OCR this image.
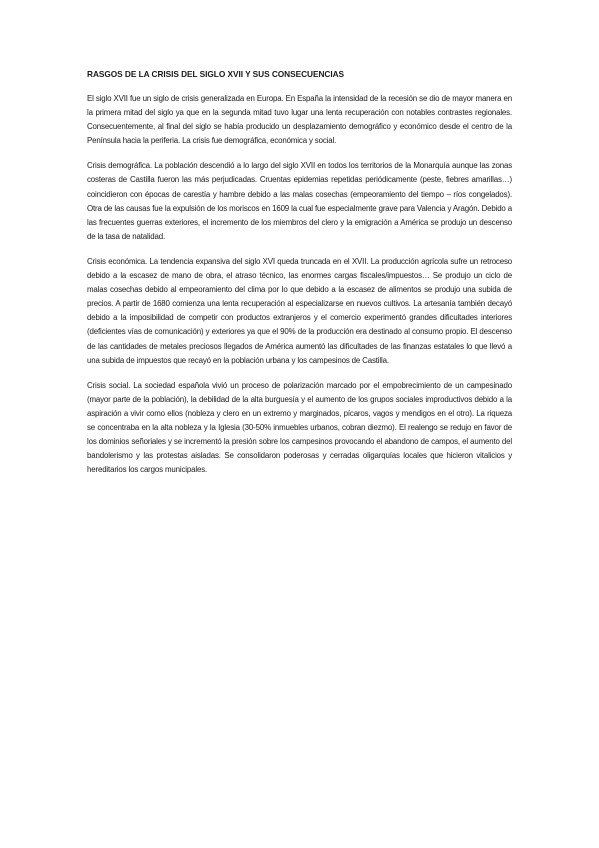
RASGOS DE LA CRISIS DEL SIGLO XVII Y SUS CONSECUENCIAS

El siglo XVII fue un siglo de crisis generalizada en Europa. En España la intensidad de la recesión se dio de mayor manera en la primera mitad del siglo ya que en la segunda mitad tuvo lugar una lenta recuperación con notables contrastes regionales. Consecuentemente, al final del siglo se había producido un desplazamiento demográfico y económico desde el centro de la Península hacia la periferia. La crisis fue demográfica, económica y social.

Crisis demográfica. La población descendió a lo largo del siglo XVII en todos los territorios de la Monarquía aunque las zonas costeras de Castilla fueron las más perjudicadas. Cruentas epidemias repetidas periódicamente (peste, fiebres amarillas…) coincidieron con épocas de carestía y hambre debido a las malas cosechas (empeoramiento del tiempo – ríos congelados). Otra de las causas fue la expulsión de los moriscos en 1609 la cual fue especialmente grave para Valencia y Aragón. Debido a las frecuentes guerras exteriores, el incremento de los miembros del clero y la emigración a América se produjo un descenso de la tasa de natalidad.

Crisis económica. La tendencia expansiva del siglo XVI queda truncada en el XVII. La producción agrícola sufre un retroceso debido a la escasez de mano de obra, el atraso técnico, las enormes cargas fiscales/impuestos… Se produjo un ciclo de malas cosechas debido al empeoramiento del clima por lo que debido a la escasez de alimentos se produjo una subida de precios. A partir de 1680 comienza una lenta recuperación al especializarse en nuevos cultivos. La artesanía también decayó debido a la imposibilidad de competir con productos extranjeros y el comercio experimentó grandes dificultades interiores (deficientes vías de comunicación) y exteriores ya que el 90% de la producción era destinado al consumo propio. El descenso de las cantidades de metales preciosos llegados de América aumentó las dificultades de las finanzas estatales lo que llevó a una subida de impuestos que recayó en la población urbana y los campesinos de Castilla.

Crisis social. La sociedad española vivió un proceso de polarización marcado por el empobrecimiento de un campesinado (mayor parte de la población), la debilidad de la alta burguesía y el aumento de los grupos sociales improductivos debido a la aspiración a vivir como ellos (nobleza y clero en un extremo y marginados, pícaros, vagos y mendigos en el otro). La riqueza se concentraba en la alta nobleza y la Iglesia (30-50% inmuebles urbanos, cobran diezmo). El realengo se redujo en favor de los dominios señoriales y se incrementó la presión sobre los campesinos provocando el abandono de campos, el aumento del bandolerismo y las protestas aisladas. Se consolidaron poderosas y cerradas oligarquías locales que hicieron vitalicios y hereditarios los cargos municipales.
